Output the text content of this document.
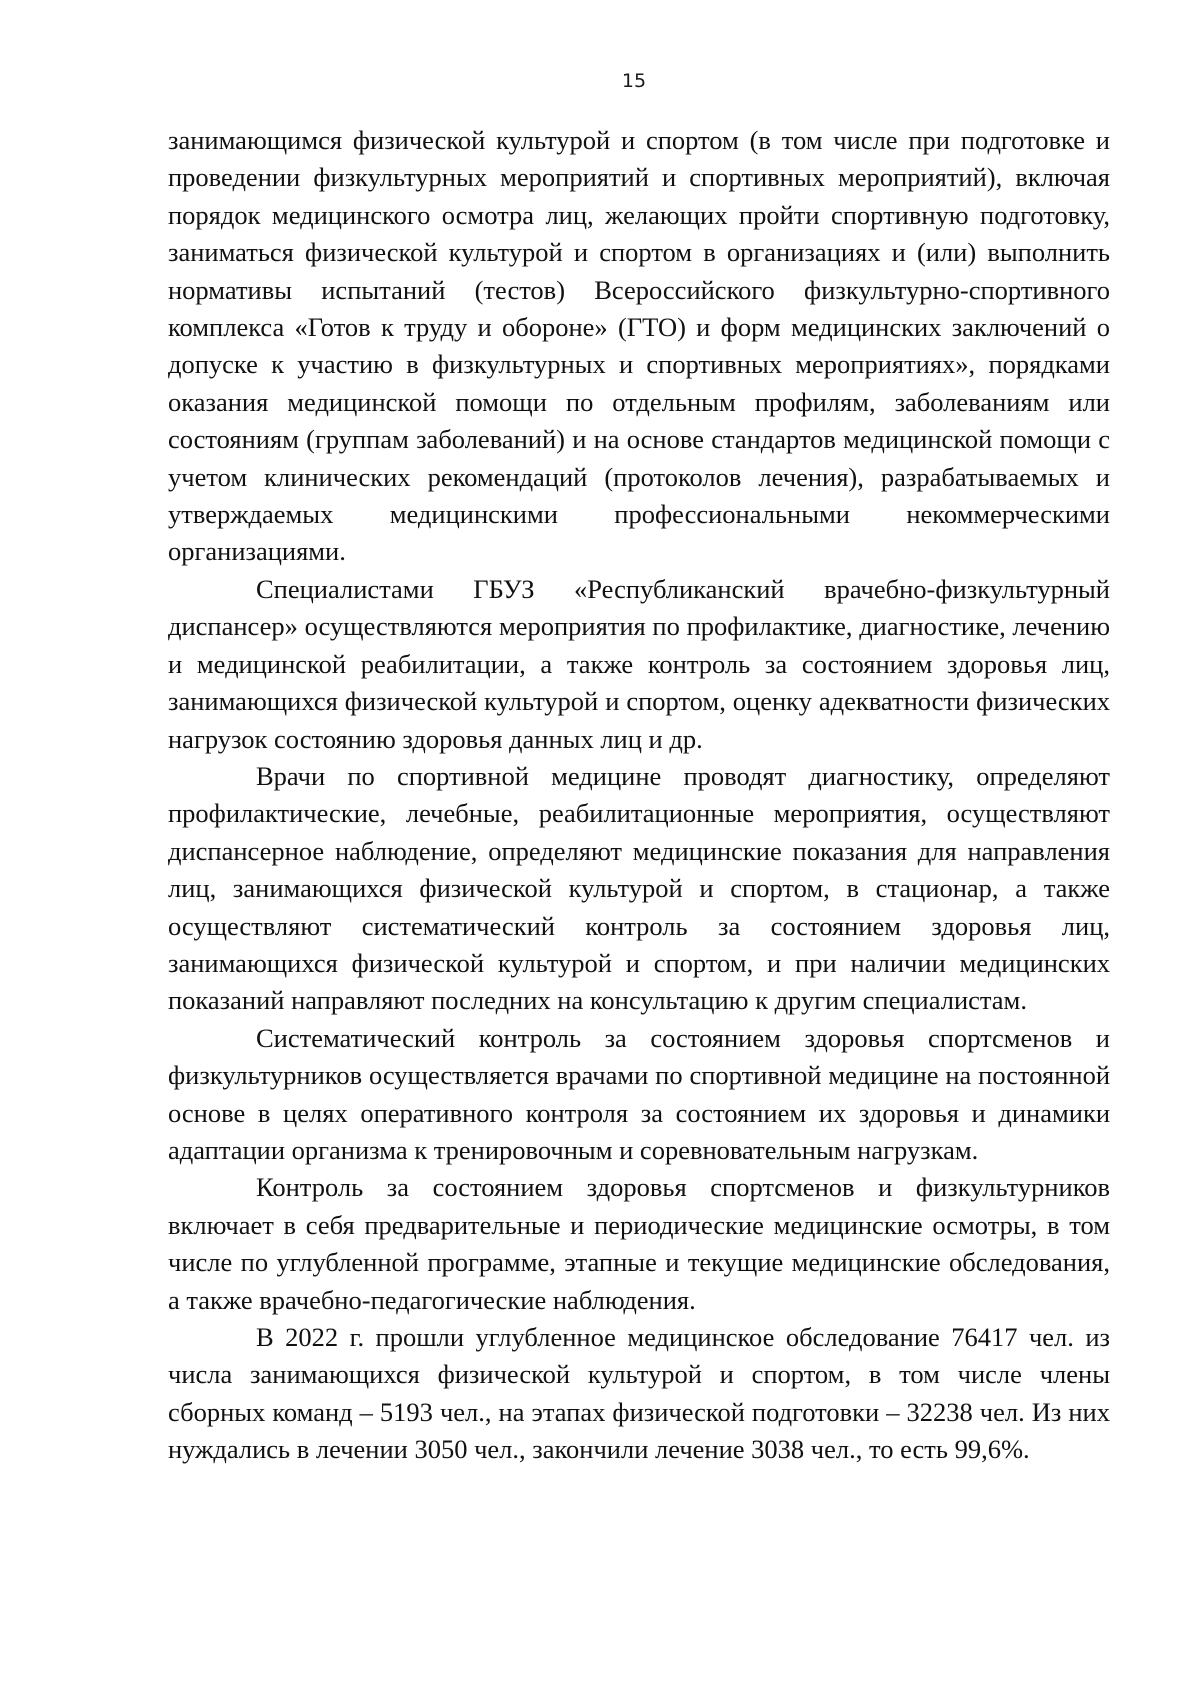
15

занимающимся физической культурой и спортом (в том числе при подготовке и проведении физкультурных мероприятий и спортивных мероприятий), включая порядок медицинского осмотра лиц, желающих пройти спортивную подготовку, заниматься физической культурой и спортом в организациях и (или) выполнить нормативы испытаний (тестов) Всероссийского физкультурно-спортивного комплекса «Готов к труду и обороне» (ГТО) и форм медицинских заключений о допуске к участию в физкультурных и спортивных мероприятиях», порядками оказания медицинской помощи по отдельным профилям, заболеваниям или состояниям (группам заболеваний) и на основе стандартов медицинской помощи с учетом клинических рекомендаций (протоколов лечения), разрабатываемых и утверждаемых медицинскими профессиональными некоммерческими организациями.

Специалистами ГБУЗ «Республиканский врачебно-физкультурный диспансер» осуществляются мероприятия по профилактике, диагностике, лечению и медицинской реабилитации, а также контроль за состоянием здоровья лиц, занимающихся физической культурой и спортом, оценку адекватности физических нагрузок состоянию здоровья данных лиц и др.

Врачи по спортивной медицине проводят диагностику, определяют профилактические, лечебные, реабилитационные мероприятия, осуществляют диспансерное наблюдение, определяют медицинские показания для направления лиц, занимающихся физической культурой и спортом, в стационар, а также осуществляют систематический контроль за состоянием здоровья лиц, занимающихся физической культурой и спортом, и при наличии медицинских показаний направляют последних на консультацию к другим специалистам.

Систематический контроль за состоянием здоровья спортсменов и физкультурников осуществляется врачами по спортивной медицине на постоянной основе в целях оперативного контроля за состоянием их здоровья и динамики адаптации организма к тренировочным и соревновательным нагрузкам.

Контроль за состоянием здоровья спортсменов и физкультурников включает в себя предварительные и периодические медицинские осмотры, в том числе по углубленной программе, этапные и текущие медицинские обследования, а также врачебно-педагогические наблюдения.

В 2022 г. прошли углубленное медицинское обследование 76417 чел. из числа занимающихся физической культурой и спортом, в том числе члены сборных команд – 5193 чел., на этапах физической подготовки – 32238 чел. Из них нуждались в лечении 3050 чел., закончили лечение 3038 чел., то есть 99,6%.
